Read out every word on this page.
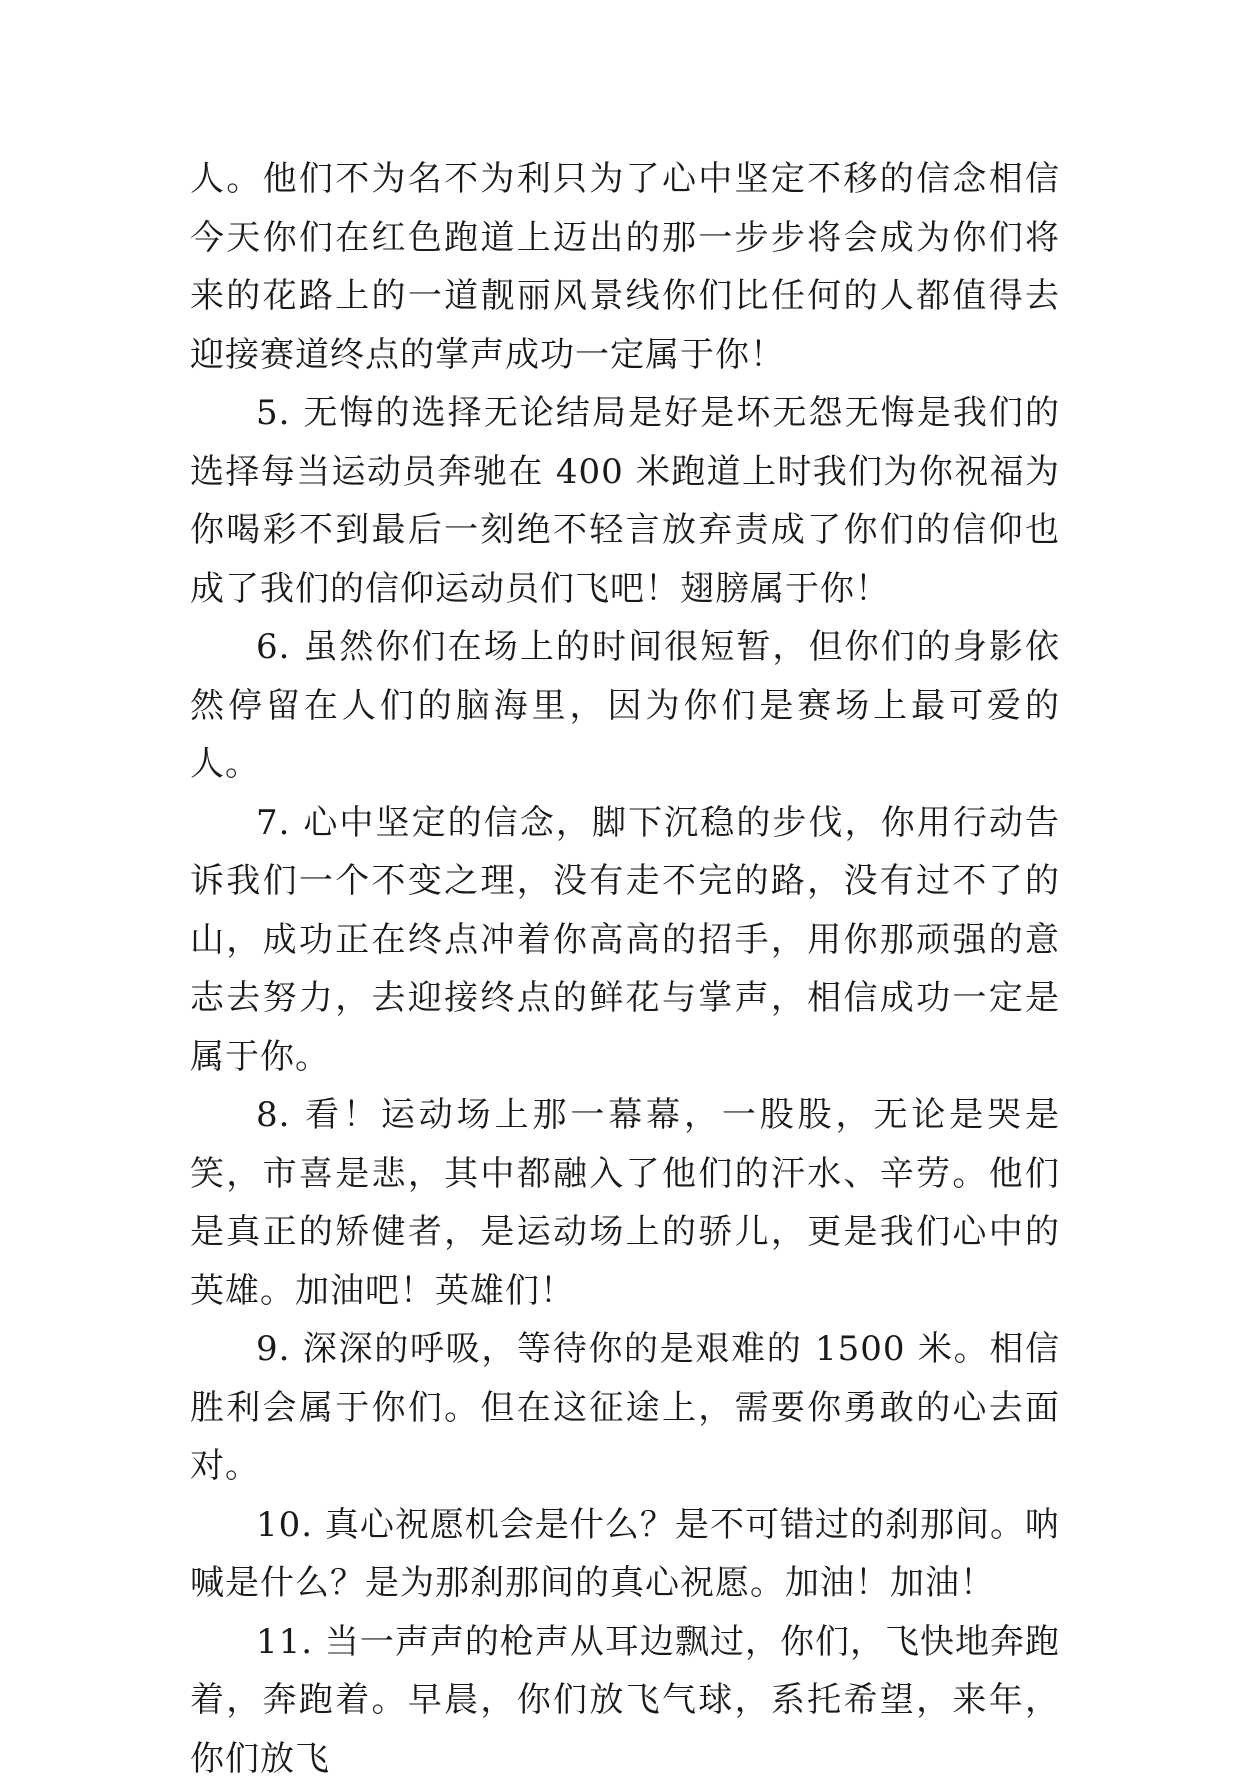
人。他们不为名不为利只为了心中坚定不移的信念相信今天你们在红色跑道上迈出的那一步步将会成为你们将来的花路上的一道靓丽风景线你们比任何的人都值得去迎接赛道终点的掌声成功一定属于你！

5. 无悔的选择无论结局是好是坏无怨无悔是我们的选择每当运动员奔驰在 400 米跑道上时我们为你祝福为你喝彩不到最后一刻绝不轻言放弃责成了你们的信仰也成了我们的信仰运动员们飞吧！翅膀属于你！

6. 虽然你们在场上的时间很短暂，但你们的身影依然停留在人们的脑海里，因为你们是赛场上最可爱的人。

7. 心中坚定的信念，脚下沉稳的步伐，你用行动告诉我们一个不变之理，没有走不完的路，没有过不了的山，成功正在终点冲着你高高的招手，用你那顽强的意志去努力，去迎接终点的鲜花与掌声，相信成功一定是属于你。

8. 看！运动场上那一幕幕，一股股，无论是哭是笑，市喜是悲，其中都融入了他们的汗水、辛劳。他们是真正的矫健者，是运动场上的骄儿，更是我们心中的英雄。加油吧！英雄们！

9. 深深的呼吸，等待你的是艰难的 1500 米。相信胜利会属于你们。但在这征途上，需要你勇敢的心去面对。

10. 真心祝愿机会是什么？是不可错过的刹那间。呐喊是什么？是为那刹那间的真心祝愿。加油！加油！

11. 当一声声的枪声从耳边飘过，你们，飞快地奔跑着，奔跑着。早晨，你们放飞气球，系托希望，来年，你们放飞
